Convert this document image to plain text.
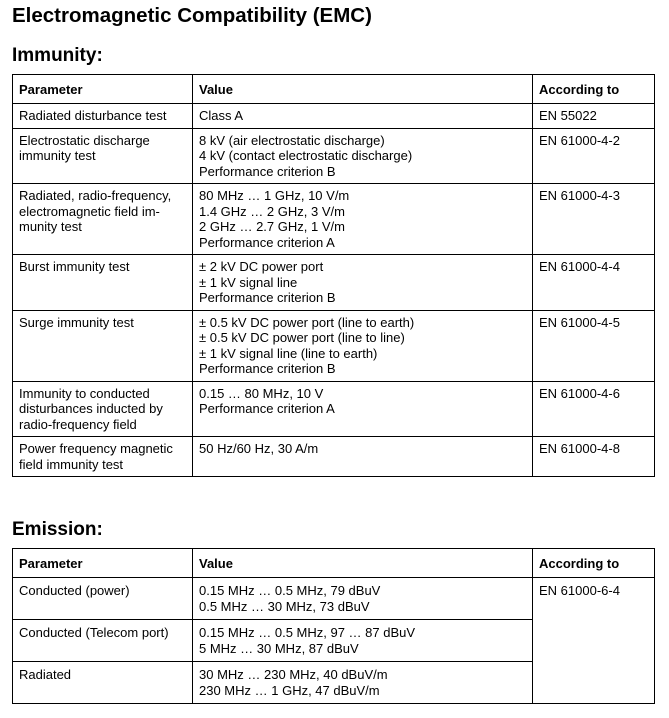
Electromagnetic Compatibility (EMC)
Immunity:
Parameter	Value	According to

Radiated disturbance test	Class A	EN 55022

Electrostatic discharge
immunity test	8 kV (air electrostatic discharge)
4 kV (contact electrostatic discharge)
Performance criterion B	EN 61000-4-2

Radiated, radio-frequency,
electromagnetic field im-
munity test	80 MHz … 1 GHz, 10 V/m
1.4 GHz … 2 GHz, 3 V/m
2 GHz … 2.7 GHz, 1 V/m
Performance criterion A	EN 61000-4-3

Burst immunity test	± 2 kV DC power port
± 1 kV signal line
Performance criterion B	EN 61000-4-4

Surge immunity test	± 0.5 kV DC power port (line to earth)
± 0.5 kV DC power port (line to line)
± 1 kV signal line (line to earth)
Performance criterion B	EN 61000-4-5

Immunity to conducted
disturbances inducted by
radio-frequency field	0.15 … 80 MHz, 10 V
Performance criterion A	EN 61000-4-6

Power frequency magnetic
field immunity test	50 Hz/60 Hz, 30 A/m	EN 61000-4-8
Emission:
Parameter	Value	According to

Conducted (power)	0.15 MHz … 0.5 MHz, 79 dBuV
0.5 MHz … 30 MHz, 73 dBuV	EN 61000-6-4

Conducted (Telecom port)	0.15 MHz … 0.5 MHz, 97 … 87 dBuV
5 MHz … 30 MHz, 87 dBuV	

Radiated	30 MHz … 230 MHz, 40 dBuV/m
230 MHz … 1 GHz, 47 dBuV/m	
